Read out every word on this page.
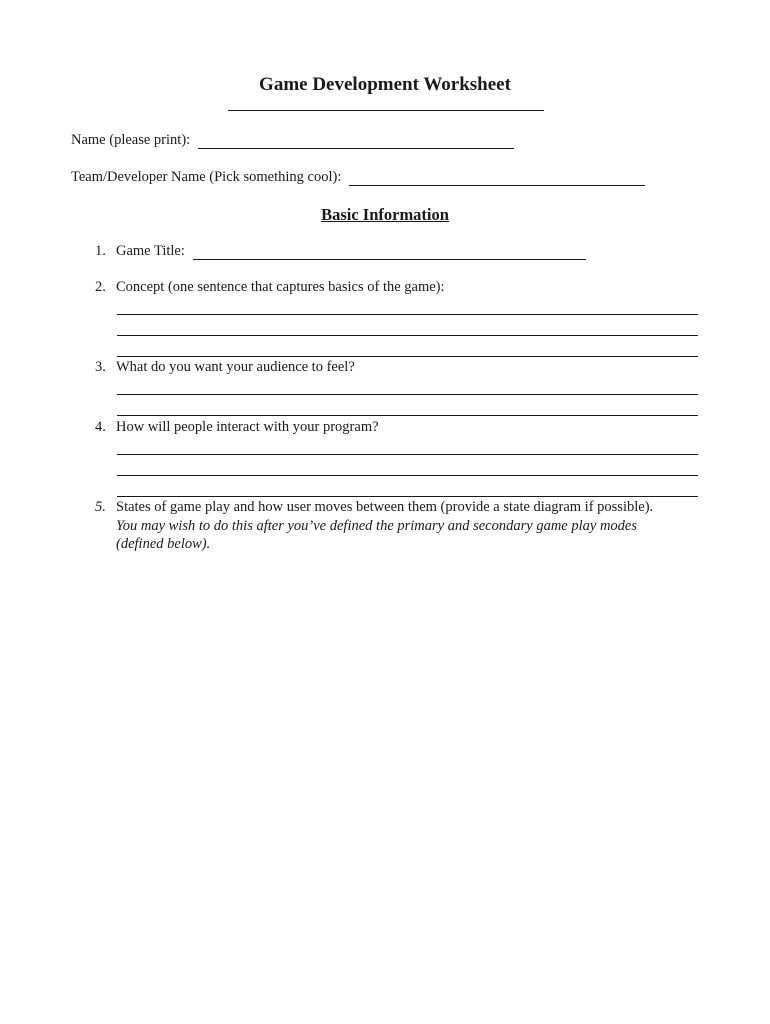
Game Development Worksheet
Name (please print):
Team/Developer Name (Pick something cool):
Basic Information
1. Game Title:
2. Concept (one sentence that captures basics of the game):
3. What do you want your audience to feel?
4. How will people interact with your program?
5. States of game play and how user moves between them (provide a state diagram if possible).
You may wish to do this after you’ve defined the primary and secondary game play modes
(defined below).
